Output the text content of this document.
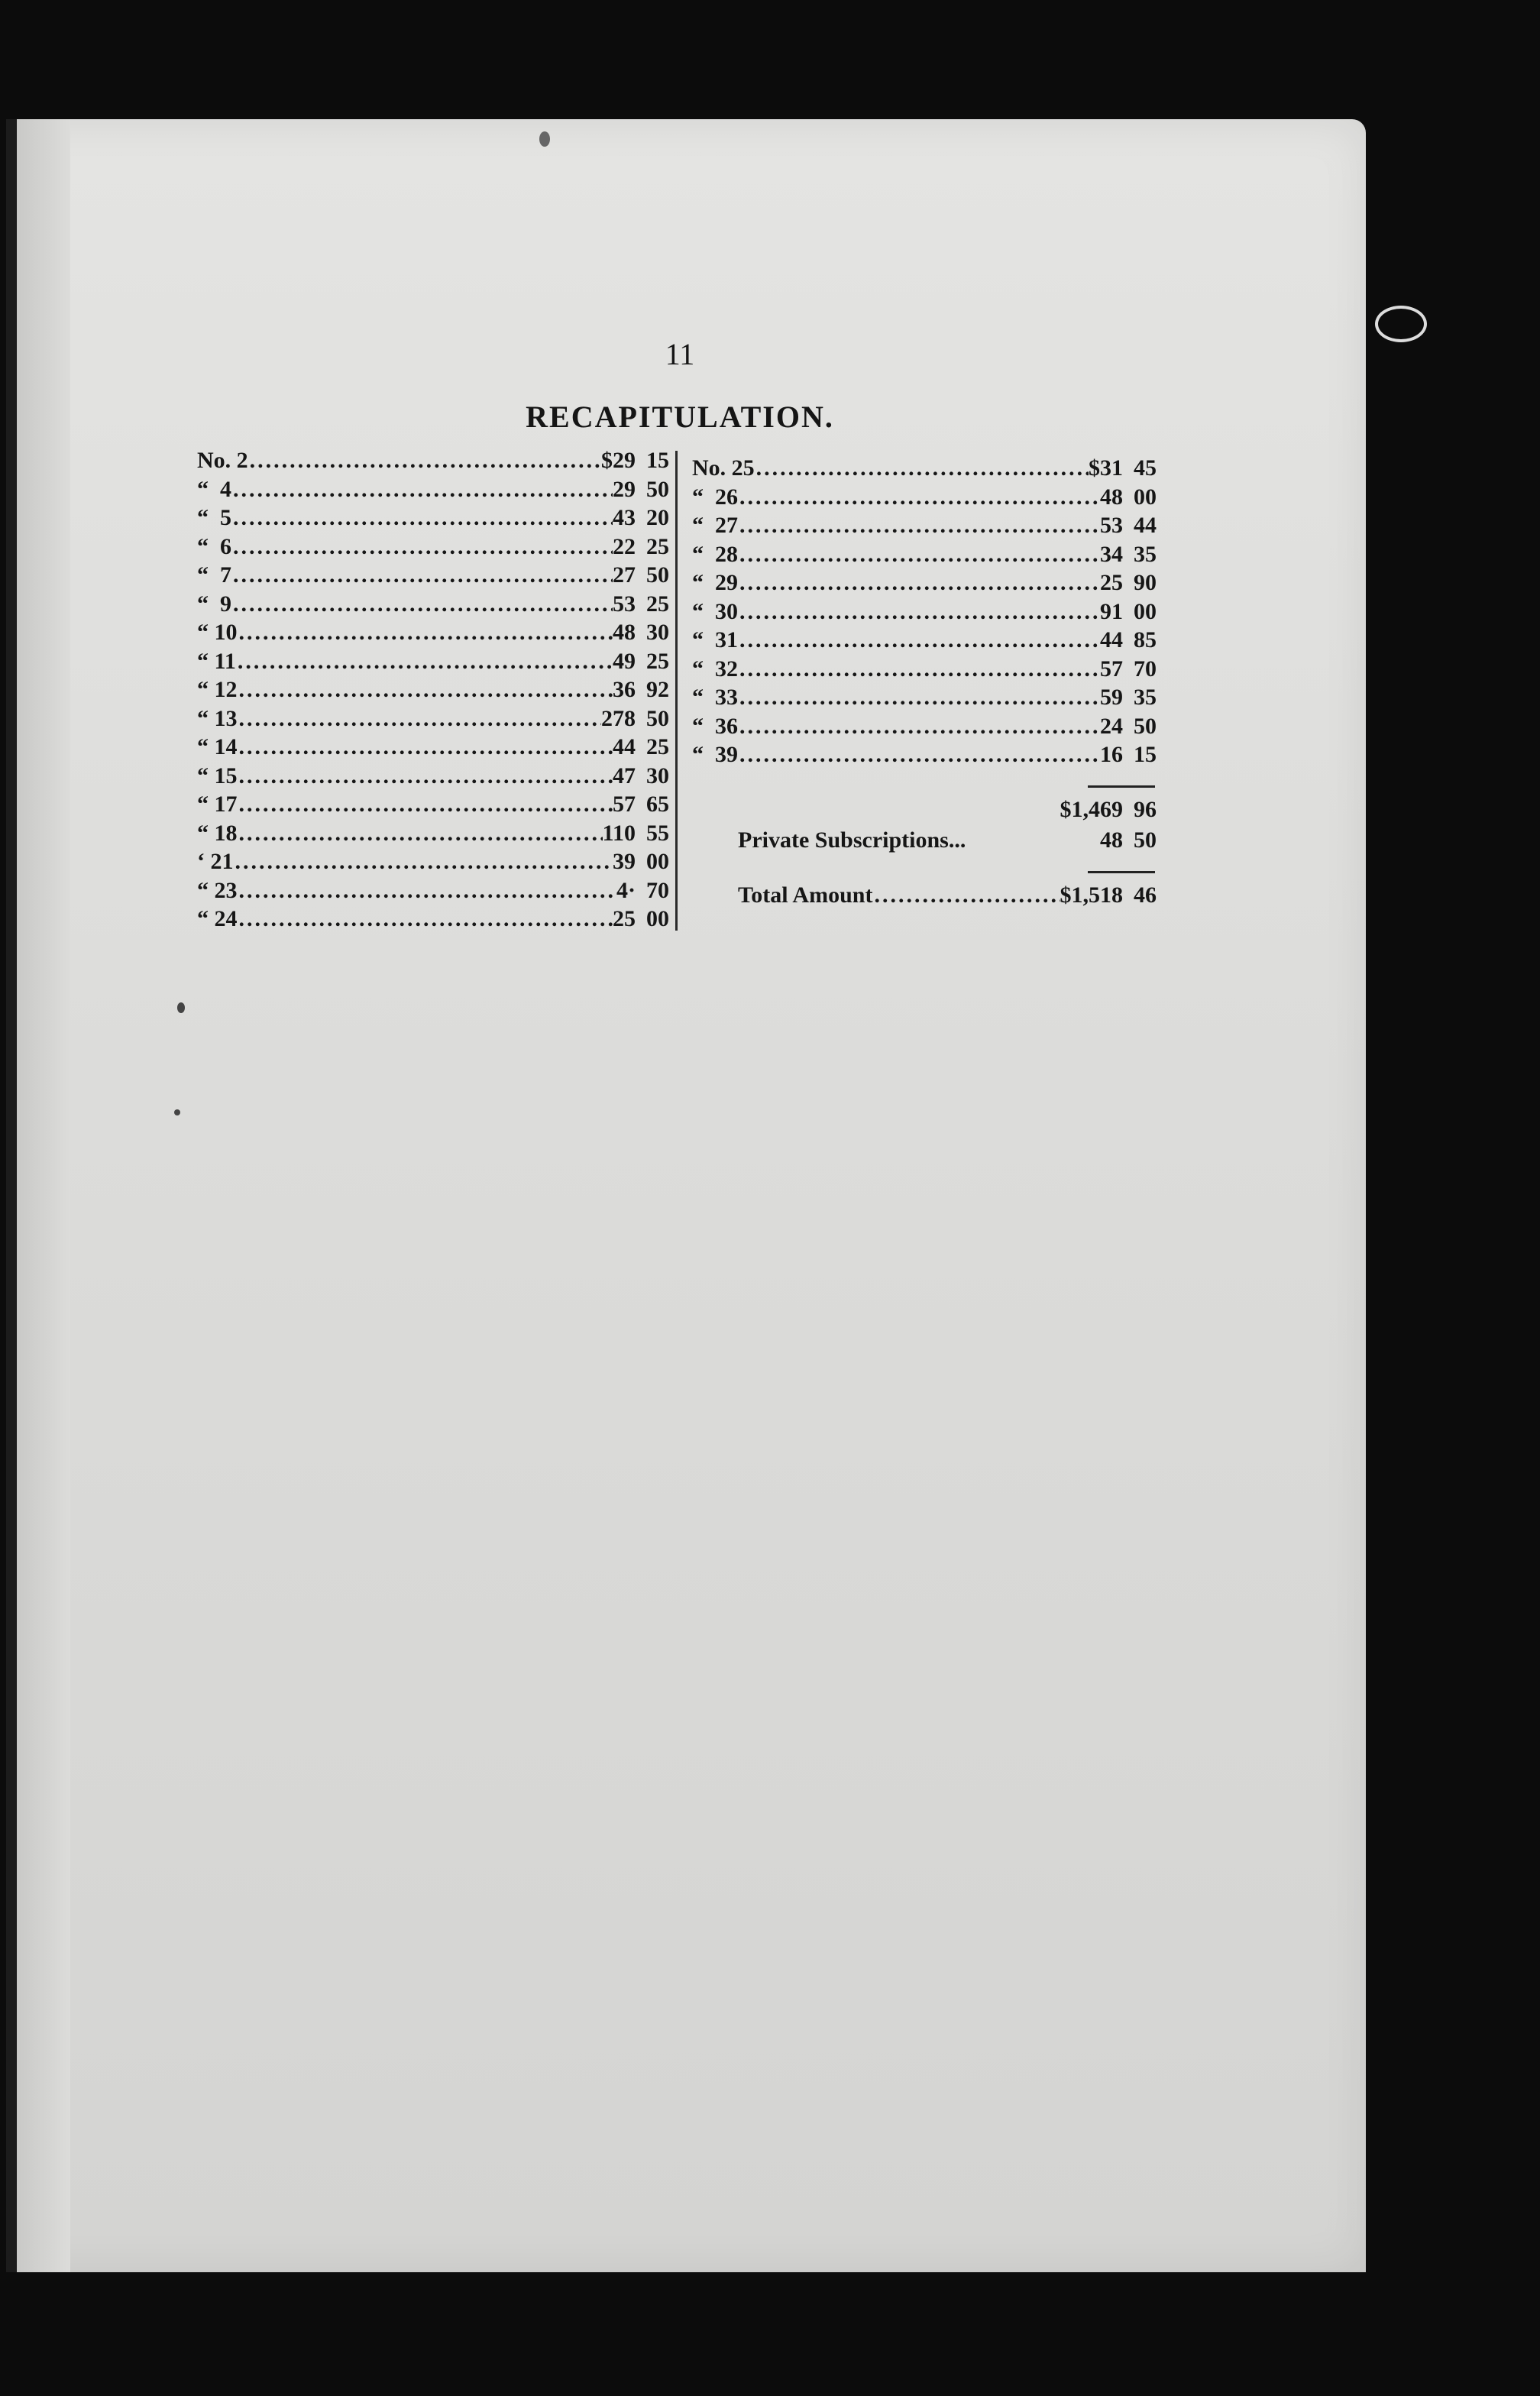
11
RECAPITULATION.
No. 2 .....	$29 15
“  4 .....	29 50
“  5 .....	43 20
“  6 .....	22 25
“  7 .....	27 50
“  9 .....	53 25
“ 10 .....	48 30
“ 11 .....	49 25
“ 12 .....	36 92
“ 13 .....	278 50
“ 14 .....	44 25
“ 15 .....	47 30
“ 17 .....	57 65
“ 18 .....	110 55
‘ 21 .....	39 00
“ 23 .....	4· 70
“ 24 .....	25 00
No. 25 .....	$31 45
“  26 .....	48 00
“  27 .....	53 44
“  28 .....	34 35
“  29 .....	25 90
“  30 .....	91 00
“  31 .....	44 85
“  32 .....	57 70
“  33 .....	59 35
“  36 .....	24 50
“  39 .....	16 15
$1,469 96
Private Subscriptions...	48 50
Total Amount .....	$1,518 46
